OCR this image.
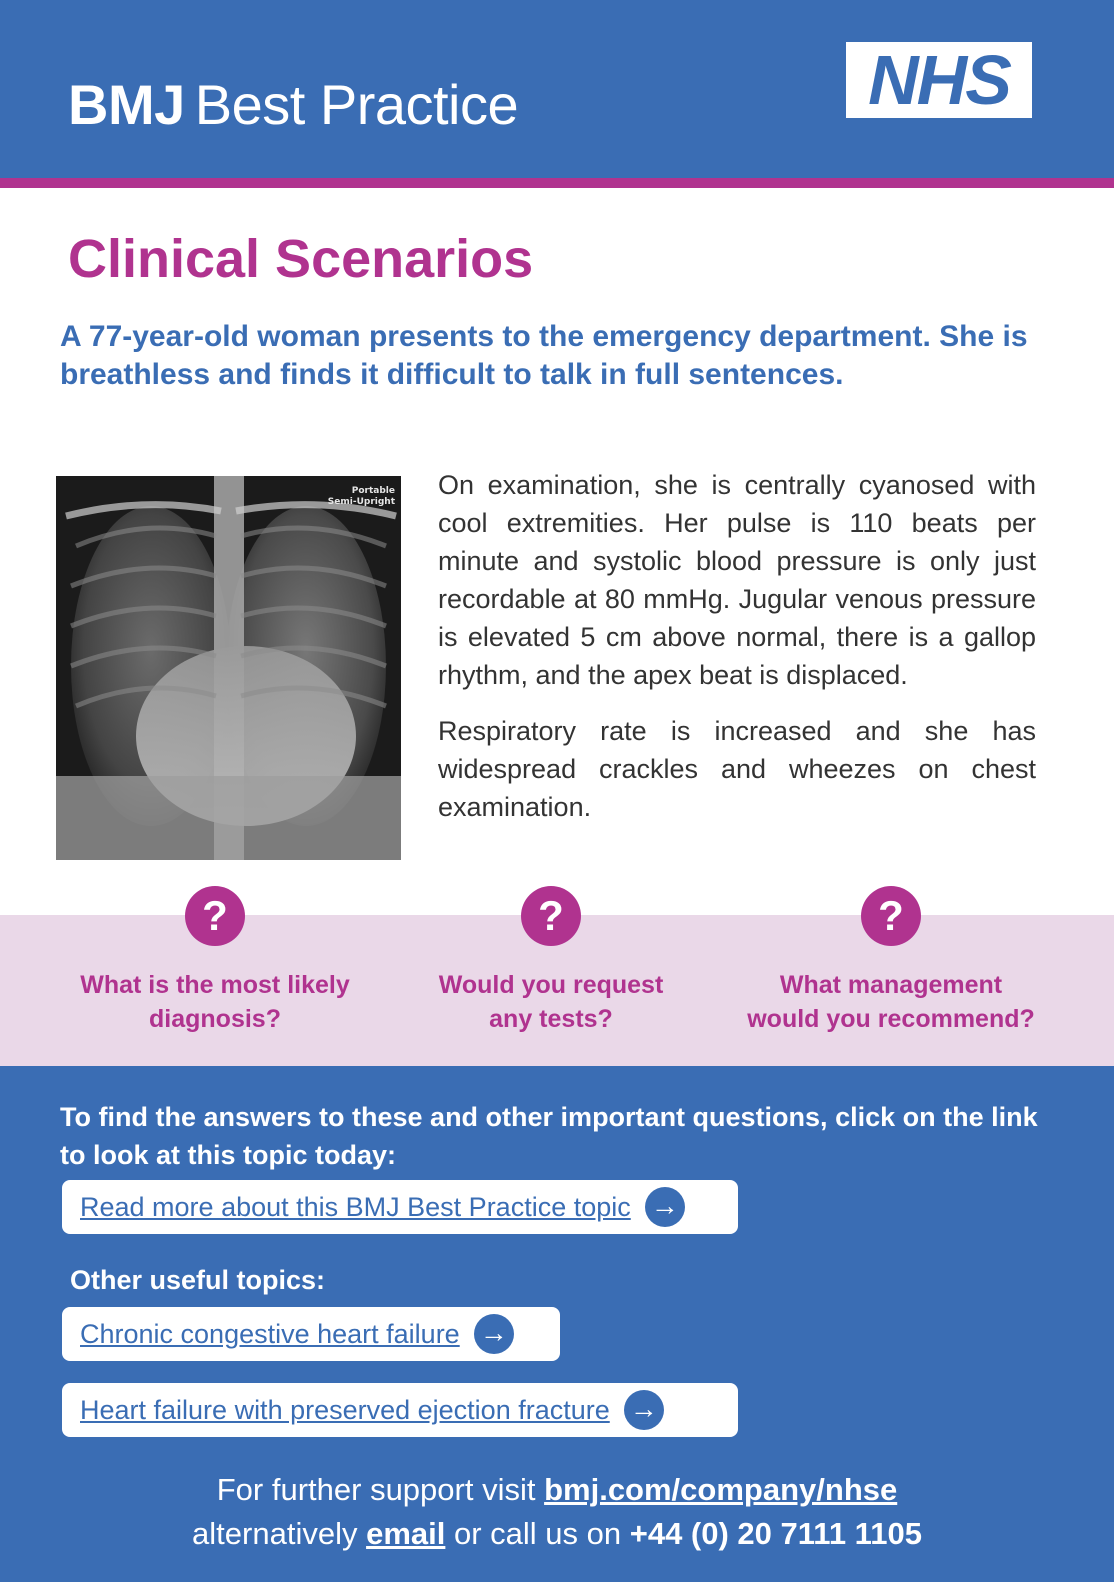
BMJ Best Practice	NHS
Clinical Scenarios

A 77-year-old woman presents to the emergency department. She is breathless and finds it difficult to talk in full sentences.

Portable
Semi-Upright

On examination, she is centrally cyanosed with cool extremities. Her pulse is 110 beats per minute and systolic blood pressure is only just recordable at 80 mmHg. Jugular venous pressure is elevated 5 cm above normal, there is a gallop rhythm, and the apex beat is displaced.

Respiratory rate is increased and she has widespread crackles and wheezes on chest examination.

?
What is the most likely
diagnosis?
?
Would you request
any tests?
?
What management
would you recommend?

To find the answers to these and other important questions, click on the link to look at this topic today:

Read more about this BMJ Best Practice topic →
Other useful topics:
Chronic congestive heart failure →
Heart failure with preserved ejection fracture →
For further support visit bmj.com/company/nhse
alternatively email or call us on +44 (0) 20 7111 1105
